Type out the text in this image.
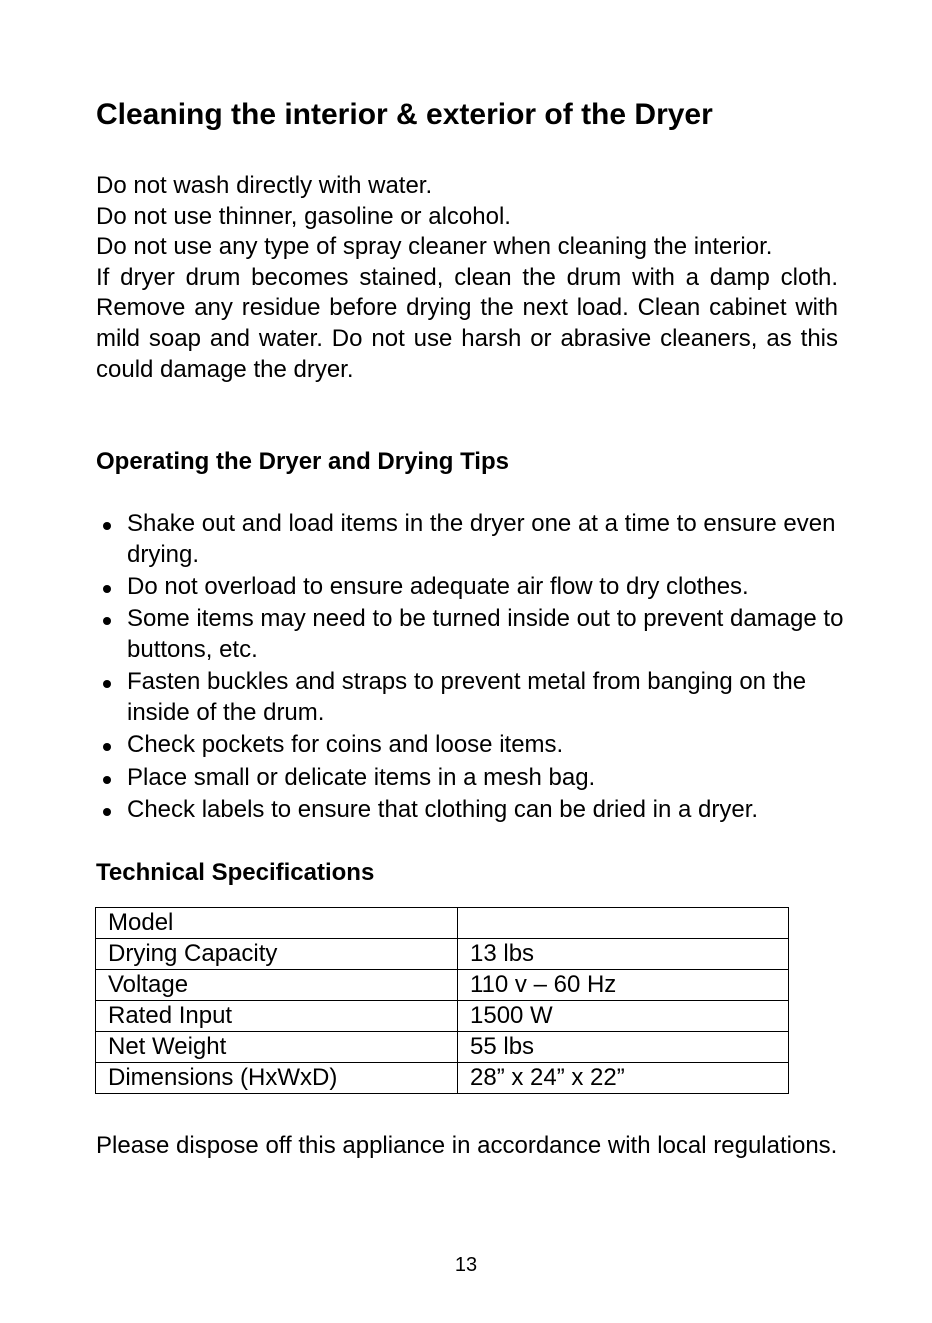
Cleaning the interior & exterior of the Dryer
Do not wash directly with water.
Do not use thinner, gasoline or alcohol.
Do not use any type of spray cleaner when cleaning the interior.
If dryer drum becomes stained, clean the drum with a damp cloth. Remove any residue before drying the next load. Clean cabinet with mild soap and water. Do not use harsh or abrasive cleaners, as this could damage the dryer.
Operating the Dryer and Drying Tips
Shake out and load items in the dryer one at a time to ensure even drying.
Do not overload to ensure adequate air flow to dry clothes.
Some items may need to be turned inside out to prevent damage to buttons, etc.
Fasten buckles and straps to prevent metal from banging on the inside of the drum.
Check pockets for coins and loose items.
Place small or delicate items in a mesh bag.
Check labels to ensure that clothing can be dried in a dryer.
Technical Specifications
Model	
Drying Capacity	13 lbs
Voltage	110 v – 60 Hz
Rated Input	1500 W
Net Weight	55 lbs
Dimensions (HxWxD)	28” x 24” x 22”
Please dispose off this appliance in accordance with local regulations.
13
